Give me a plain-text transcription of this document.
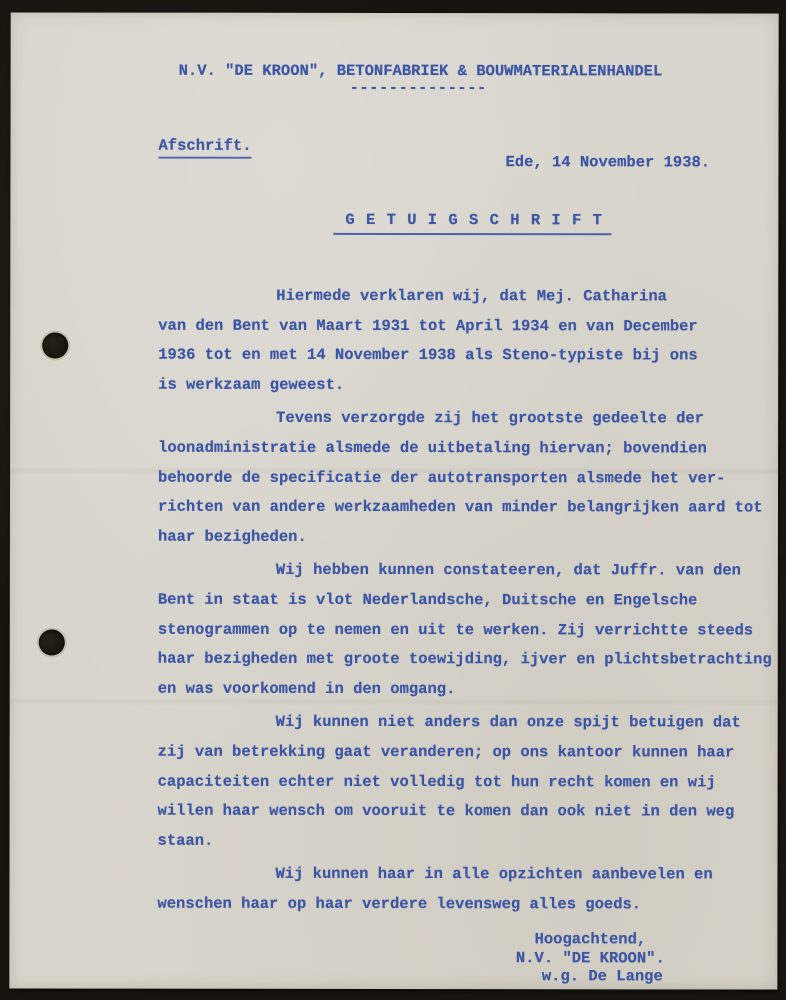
N.V. "DE KROON", BETONFABRIEK & BOUWMATERIALENHANDEL
--------------
Afschrift.
Ede, 14 November 1938.
G E T U I G S C H R I F T
Hiermede verklaren wij, dat Mej. Catharina
van den Bent van Maart 1931 tot April 1934 en van December
1936 tot en met 14 November 1938 als Steno-typiste bij ons
is werkzaam geweest.
Tevens verzorgde zij het grootste gedeelte der
loonadministratie alsmede de uitbetaling hiervan; bovendien
behoorde de specificatie der autotransporten alsmede het ver-
richten van andere werkzaamheden van minder belangrijken aard tot
haar bezigheden.
Wij hebben kunnen constateeren, dat Juffr. van den
Bent in staat is vlot Nederlandsche, Duitsche en Engelsche
stenogrammen op te nemen en uit te werken. Zij verrichtte steeds
haar bezigheden met groote toewijding, ijver en plichtsbetrachting
en was voorkomend in den omgang.
Wij kunnen niet anders dan onze spijt betuigen dat
zij van betrekking gaat veranderen; op ons kantoor kunnen haar
capaciteiten echter niet volledig tot hun recht komen en wij
willen haar wensch om vooruit te komen dan ook niet in den weg
staan.
Wij kunnen haar in alle opzichten aanbevelen en
wenschen haar op haar verdere levensweg alles goeds.
Hoogachtend,
N.V. "DE KROON".
w.g. De Lange
